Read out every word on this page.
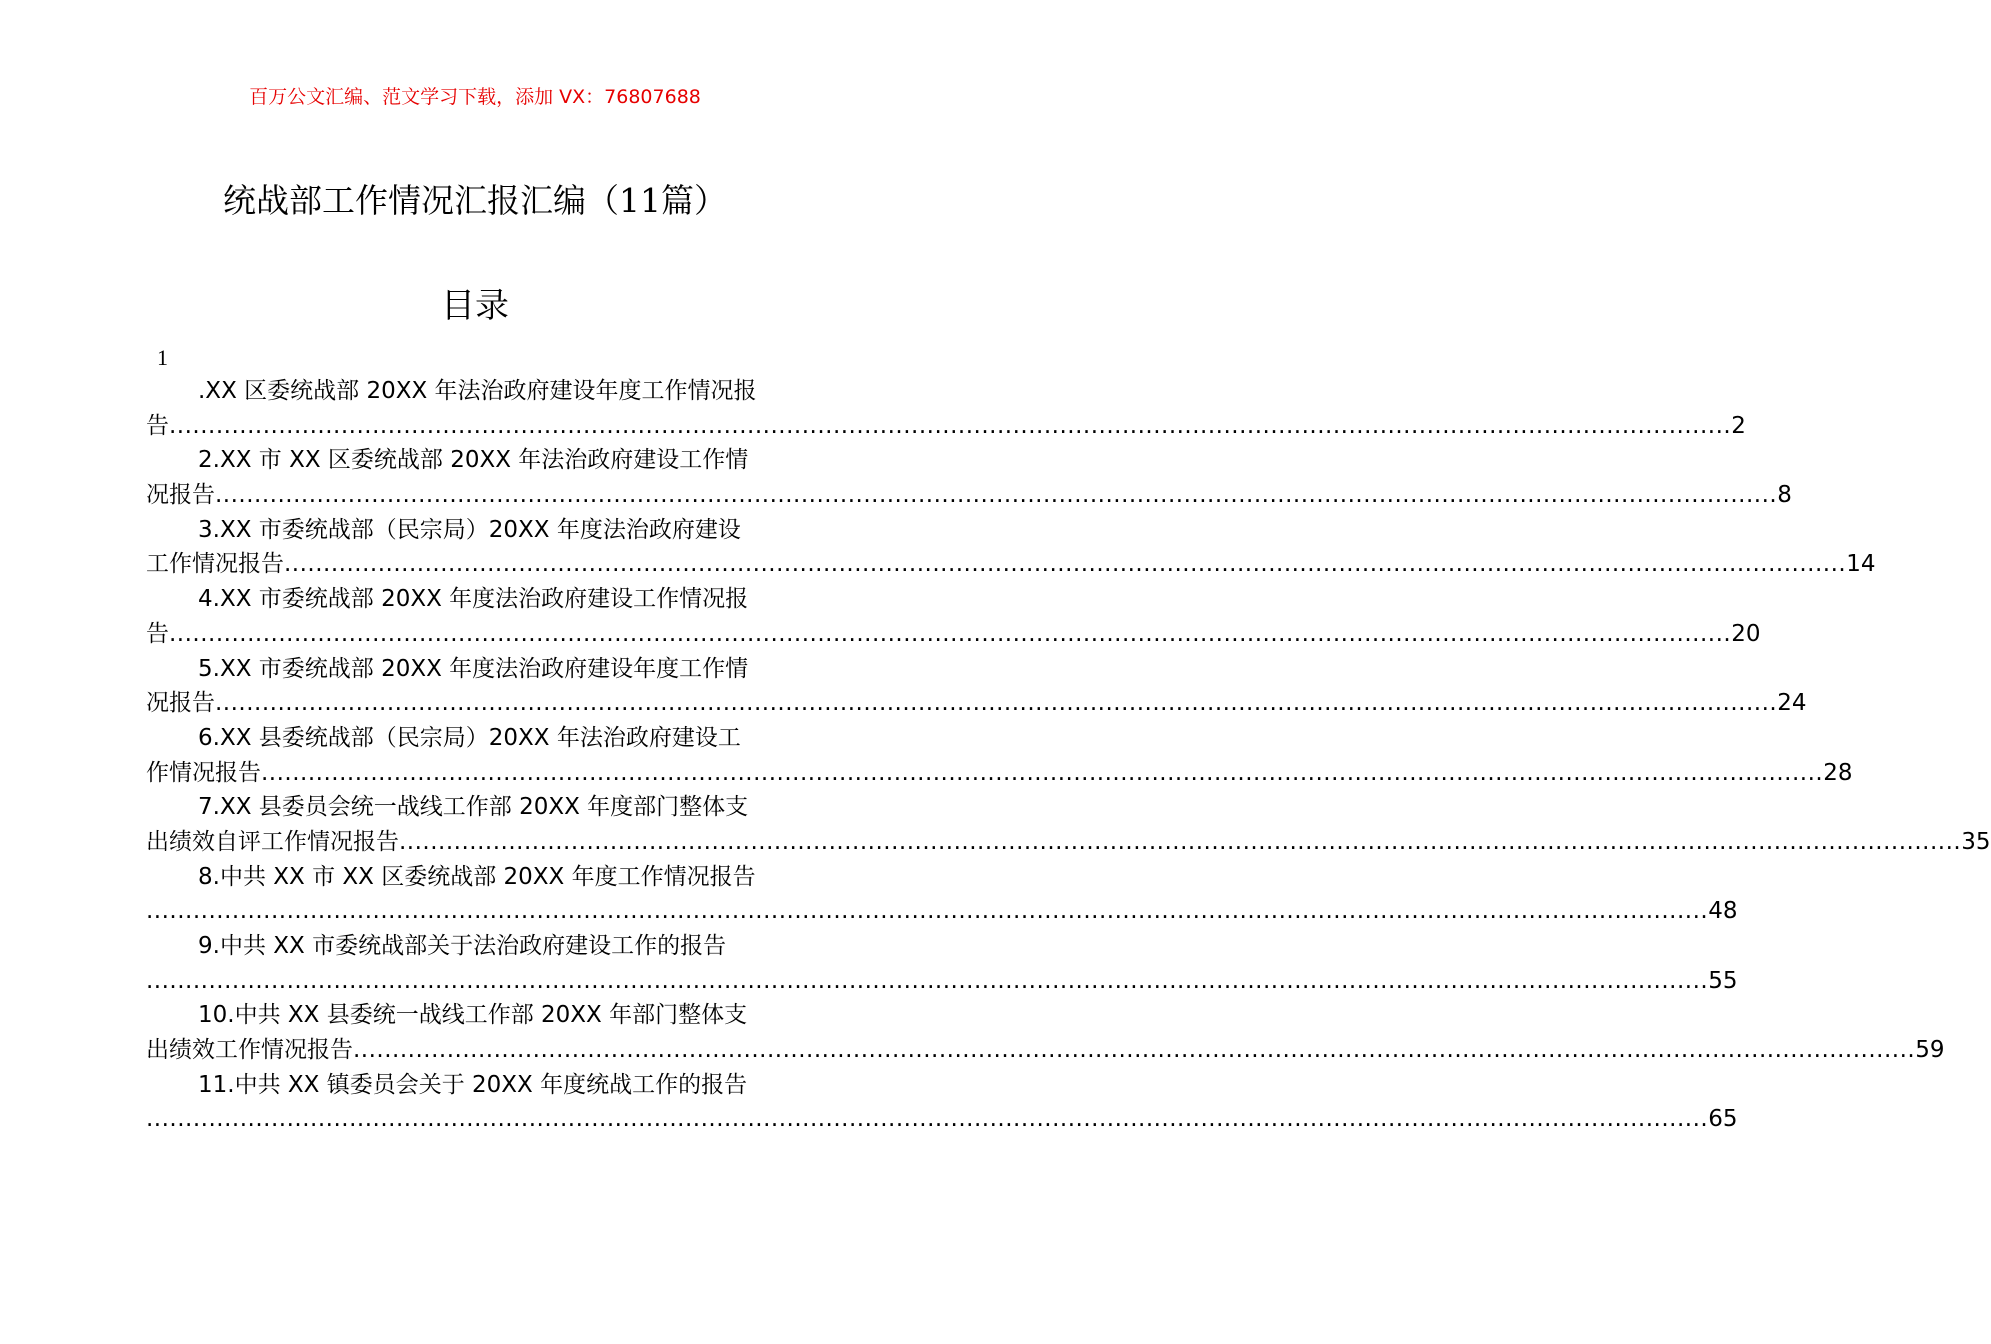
百万公文汇编、范文学习下载，添加 VX：76807688
统战部工作情况汇报汇编（11篇）
目录
1
.XX 区委统战部 20XX 年法治政府建设年度工作情况报
告 ........................................................................................................................................................................................................ 2
2.XX 市 XX 区委统战部 20XX 年法治政府建设工作情
况报告 ........................................................................................................................................................................................................ 8
3.XX 市委统战部（民宗局）20XX 年度法治政府建设
工作情况报告 ........................................................................................................................................................................................................ 14
4.XX 市委统战部 20XX 年度法治政府建设工作情况报
告 ........................................................................................................................................................................................................ 20
5.XX 市委统战部 20XX 年度法治政府建设年度工作情
况报告 ........................................................................................................................................................................................................ 24
6.XX 县委统战部（民宗局）20XX 年法治政府建设工
作情况报告 ........................................................................................................................................................................................................ 28
7.XX 县委员会统一战线工作部 20XX 年度部门整体支
出绩效自评工作情况报告 ........................................................................................................................................................................................................ 35
8.中共 XX 市 XX 区委统战部 20XX 年度工作情况报告
........................................................................................................................................................................................................ 48
9.中共 XX 市委统战部关于法治政府建设工作的报告
........................................................................................................................................................................................................ 55
10.中共 XX 县委统一战线工作部 20XX 年部门整体支
出绩效工作情况报告 ........................................................................................................................................................................................................ 59
11.中共 XX 镇委员会关于 20XX 年度统战工作的报告
........................................................................................................................................................................................................ 65
